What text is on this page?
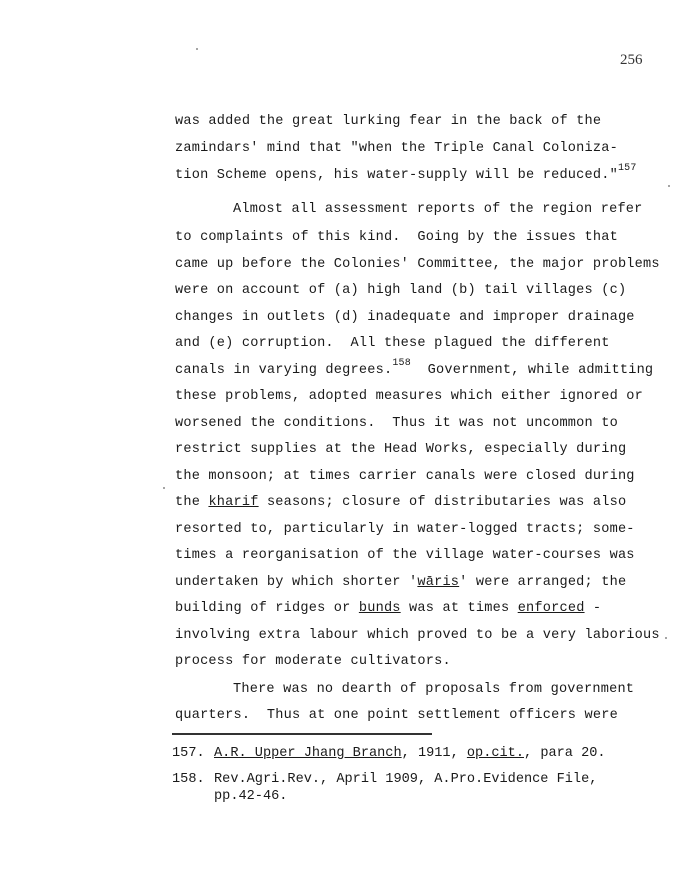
256
was added the great lurking fear in the back of the
zamindars' mind that "when the Triple Canal Coloniza-
tion Scheme opens, his water-supply will be reduced."$^{157}$
Almost all assessment reports of the region refer
to complaints of this kind.  Going by the issues that
came up before the Colonies' Committee, the major problems
were on account of (a) high land (b) tail villages (c)
changes in outlets (d) inadequate and improper drainage
and (e) corruption.  All these plagued the different
canals in varying degrees.$^{158}$  Government, while admitting
these problems, adopted measures which either ignored or
worsened the conditions.  Thus it was not uncommon to
restrict supplies at the Head Works, especially during
the monsoon; at times carrier canals were closed during
the kharif seasons; closure of distributaries was also
resorted to, particularly in water-logged tracts; some-
times a reorganisation of the village water-courses was
undertaken by which shorter 'wāris' were arranged; the
building of ridges or bunds was at times enforced -
involving extra labour which proved to be a very laborious
process for moderate cultivators.
There was no dearth of proposals from government
quarters.  Thus at one point settlement officers were
157. A.R. Upper Jhang Branch, 1911, op.cit., para 20.
158. Rev.Agri.Rev., April 1909, A.Pro.Evidence File,
pp.42-46.
